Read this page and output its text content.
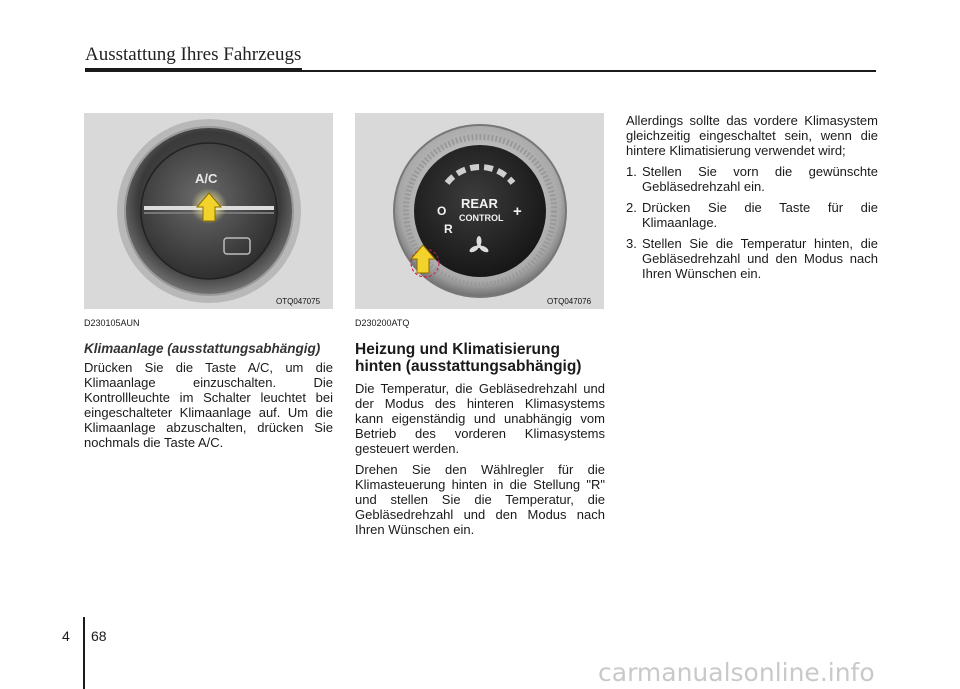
Ausstattung Ihres Fahrzeugs
A/C
OTQ047075
REAR
CONTROL
O
R
+
OTQ047076
D230105AUN
Klimaanlage (ausstattungsabhängig)

Drücken Sie die Taste A/C, um die Klimaanlage einzuschalten. Die Kontrollleuchte im Schalter leuchtet bei eingeschalteter Klimaanlage auf. Um die Klimaanlage abzuschalten, drücken Sie nochmals die Taste A/C.

D230200ATQ
Heizung und Klimatisierung hinten (ausstattungsabhängig)

Die Temperatur, die Gebläsedrehzahl und der Modus des hinteren Klimasystems kann eigenständig und unabhängig vom Betrieb des vorderen Klimasystems gesteuert werden.

Drehen Sie den Wählregler für die Klimasteuerung hinten in die Stellung "R" und stellen Sie die Temperatur, die Gebläsedrehzahl und den Modus nach Ihren Wünschen ein.

Allerdings sollte das vordere Klimasystem gleichzeitig eingeschaltet sein, wenn die hintere Klimatisierung verwendet wird;

1. Stellen Sie vorn die gewünschte Gebläsedrehzahl ein.
2. Drücken Sie die Taste für die Klimaanlage.
3. Stellen Sie die Temperatur hinten, die Gebläsedrehzahl und den Modus nach Ihren Wünschen ein.
4 68
carmanualsonline.info
